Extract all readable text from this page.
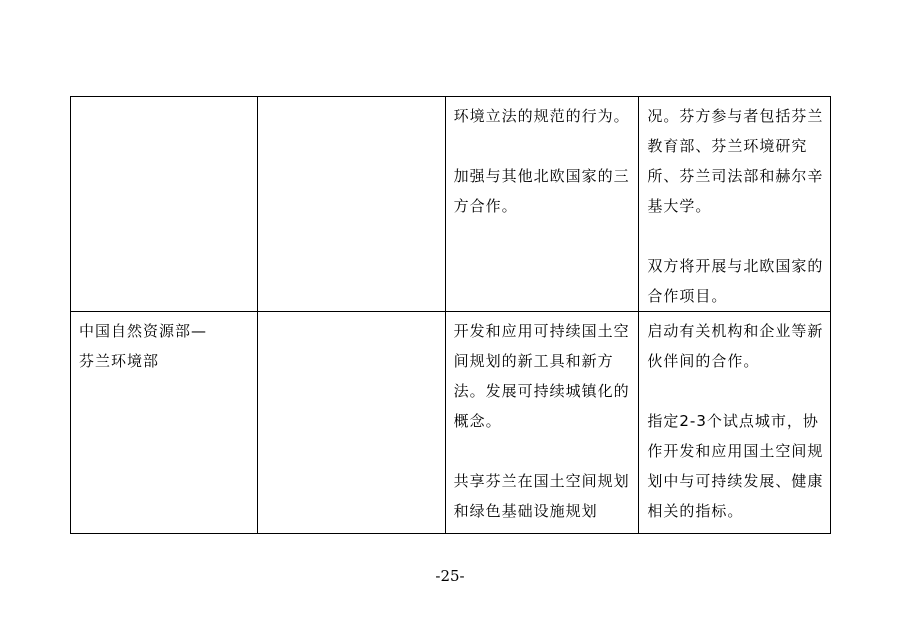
		环境立法的规范的行为。
加强与其他北欧国家的三方合作。	况。芬方参与者包括芬兰教育部、芬兰环境研究所、芬兰司法部和赫尔辛基大学。
双方将开展与北欧国家的合作项目。

中国自然资源部—
芬兰环境部		开发和应用可持续国土空间规划的新工具和新方法。发展可持续城镇化的概念。
共享芬兰在国土空间规划和绿色基础设施规划	启动有关机构和企业等新伙伴间的合作。
指定2-3个试点城市，协作开发和应用国土空间规划中与可持续发展、健康相关的指标。
-25-
